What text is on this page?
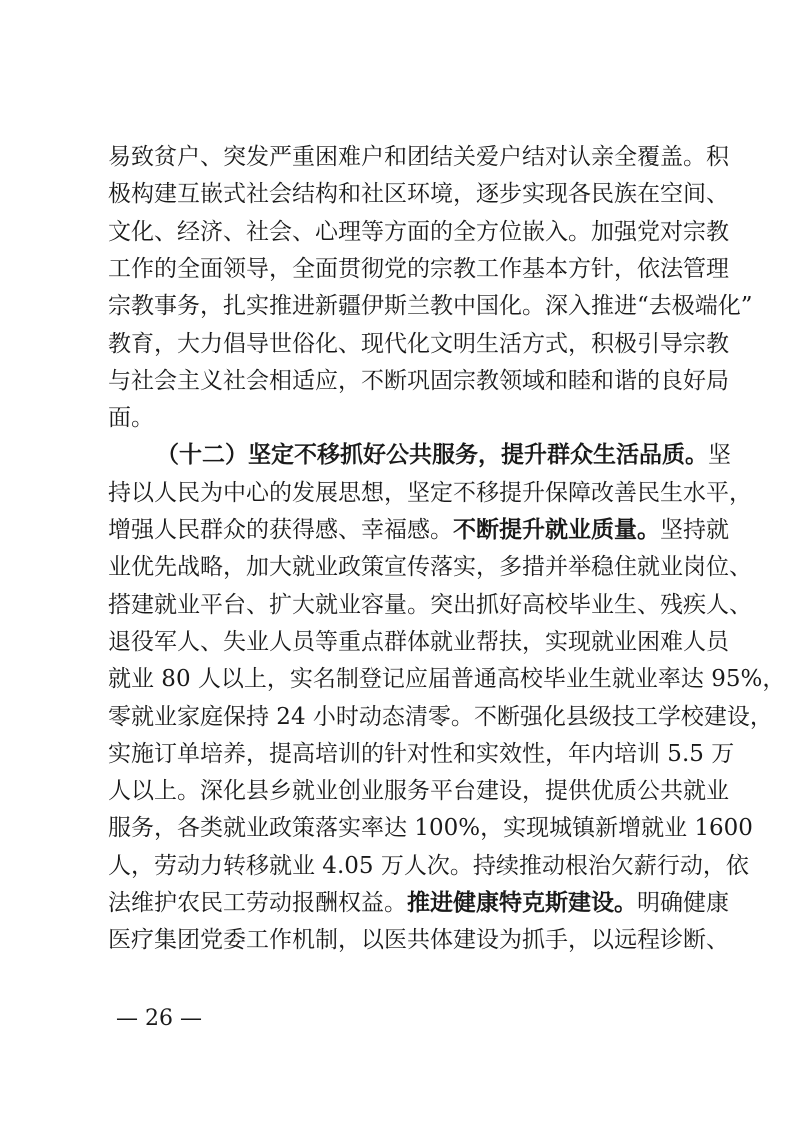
易致贫户、突发严重困难户和团结关爱户结对认亲全覆盖。积
极构建互嵌式社会结构和社区环境，逐步实现各民族在空间、
文化、经济、社会、心理等方面的全方位嵌入。加强党对宗教
工作的全面领导，全面贯彻党的宗教工作基本方针，依法管理
宗教事务，扎实推进新疆伊斯兰教中国化。深入推进“去极端化”
教育，大力倡导世俗化、现代化文明生活方式，积极引导宗教
与社会主义社会相适应，不断巩固宗教领域和睦和谐的良好局
面。
（十二）坚定不移抓好公共服务，提升群众生活品质。坚
持以人民为中心的发展思想，坚定不移提升保障改善民生水平，
增强人民群众的获得感、幸福感。不断提升就业质量。坚持就
业优先战略，加大就业政策宣传落实，多措并举稳住就业岗位、
搭建就业平台、扩大就业容量。突出抓好高校毕业生、残疾人、
退役军人、失业人员等重点群体就业帮扶，实现就业困难人员
就业 80 人以上，实名制登记应届普通高校毕业生就业率达 95%，
零就业家庭保持 24 小时动态清零。不断强化县级技工学校建设，
实施订单培养，提高培训的针对性和实效性，年内培训 5.5 万
人以上。深化县乡就业创业服务平台建设，提供优质公共就业
服务，各类就业政策落实率达 100%，实现城镇新增就业 1600
— 26 —
人，劳动力转移就业 4.05 万人次。持续推动根治欠薪行动，依
法维护农民工劳动报酬权益。推进健康特克斯建设。明确健康
医疗集团党委工作机制，以医共体建设为抓手，以远程诊断、
